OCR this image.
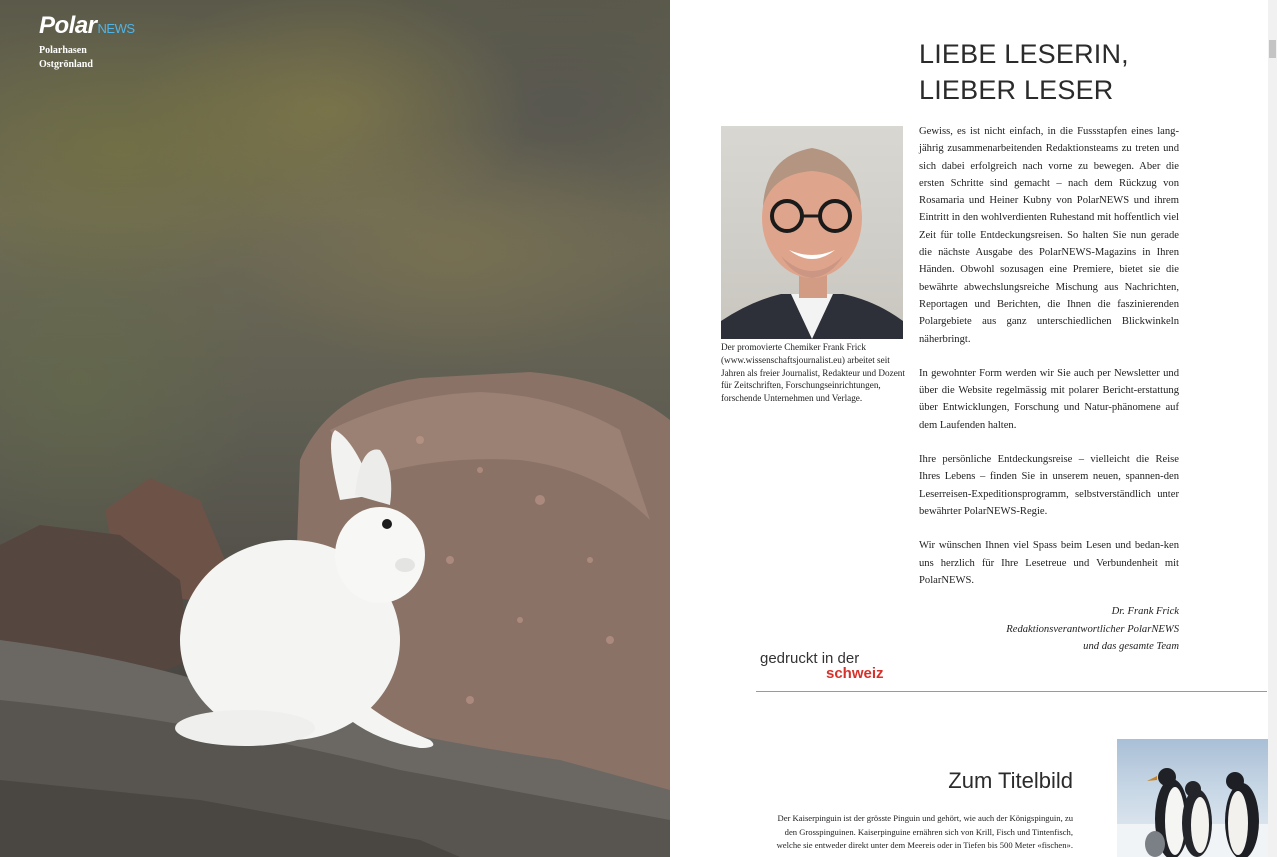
PolarNEWS
Polarhasen
Ostgrönland	LIEBE LESERIN,
LIEBER LESER
Der promovierte Chemiker Frank Frick (www.wissenschaftsjournalist.eu) arbeitet seit Jahren als freier Journalist, Redakteur und Dozent für Zeitschriften, Forschungseinrichtungen, forschende Unternehmen und Verlage.

Gewiss, es ist nicht einfach, in die Fussstapfen eines lang-jährig zusammenarbeitenden Redaktionsteams zu treten und sich dabei erfolgreich nach vorne zu bewegen. Aber die ersten Schritte sind gemacht – nach dem Rückzug von Rosamaria und Heiner Kubny von PolarNEWS und ihrem Eintritt in den wohlverdienten Ruhestand mit hoffentlich viel Zeit für tolle Entdeckungsreisen. So halten Sie nun gerade die nächste Ausgabe des PolarNEWS-Magazins in Ihren Händen. Obwohl sozusagen eine Premiere, bietet sie die bewährte abwechslungsreiche Mischung aus Nachrichten, Reportagen und Berichten, die Ihnen die faszinierenden Polargebiete aus ganz unterschiedlichen Blickwinkeln näherbringt.

In gewohnter Form werden wir Sie auch per Newsletter und über die Website regelmässig mit polarer Bericht-erstattung über Entwicklungen, Forschung und Natur-phänomene auf dem Laufenden halten.

Ihre persönliche Entdeckungsreise – vielleicht die Reise Ihres Lebens – finden Sie in unserem neuen, spannen-den Leserreisen-Expeditionsprogramm, selbstverständlich unter bewährter PolarNEWS-Regie.

Wir wünschen Ihnen viel Spass beim Lesen und bedan-ken uns herzlich für Ihre Lesetreue und Verbundenheit mit PolarNEWS.

Dr. Frank Frick
Redaktionsverantwortlicher PolarNEWS
und das gesamte Team
gedruckt in der
schweiz
Zum Titelbild
Der Kaiserpinguin ist der grösste Pinguin und gehört, wie auch der Königspinguin, zu den Grosspinguinen. Kaiserpinguine ernähren sich von Krill, Fisch und Tintenfisch, welche sie entweder direkt unter dem Meereis oder in Tiefen bis 500 Meter «fischen».
